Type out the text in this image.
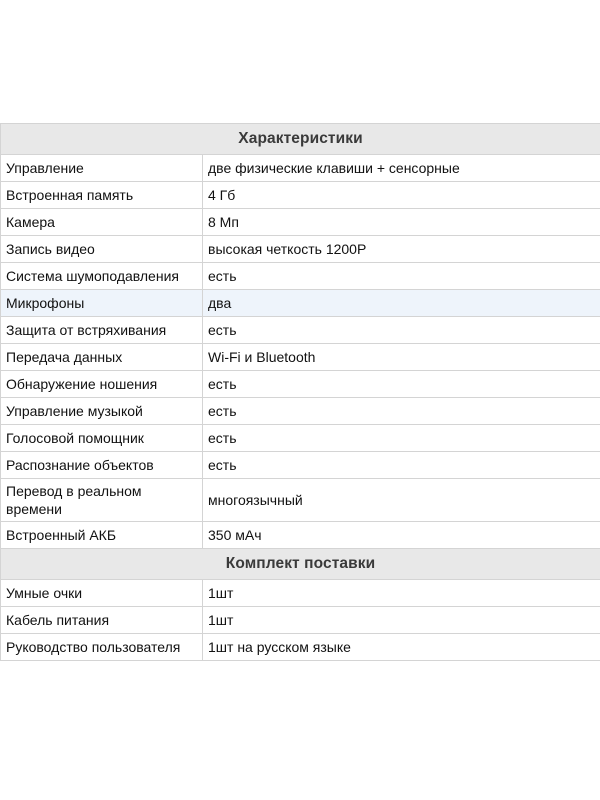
Характеристики	
Управление	две физические клавиши + сенсорные
Встроенная память	4 Гб
Камера	8 Мп
Запись видео	высокая четкость 1200P
Система шумоподавления	есть
Микрофоны	два
Защита от встряхивания	есть
Передача данных	Wi-Fi и Bluetooth
Обнаружение ношения	есть
Управление музыкой	есть
Голосовой помощник	есть
Распознание объектов	есть
Перевод в реальном времени	многоязычный
Встроенный АКБ	350 мАч
Комплект поставки	
Умные очки	1шт
Кабель питания	1шт
Руководство пользователя	1шт на русском языке
